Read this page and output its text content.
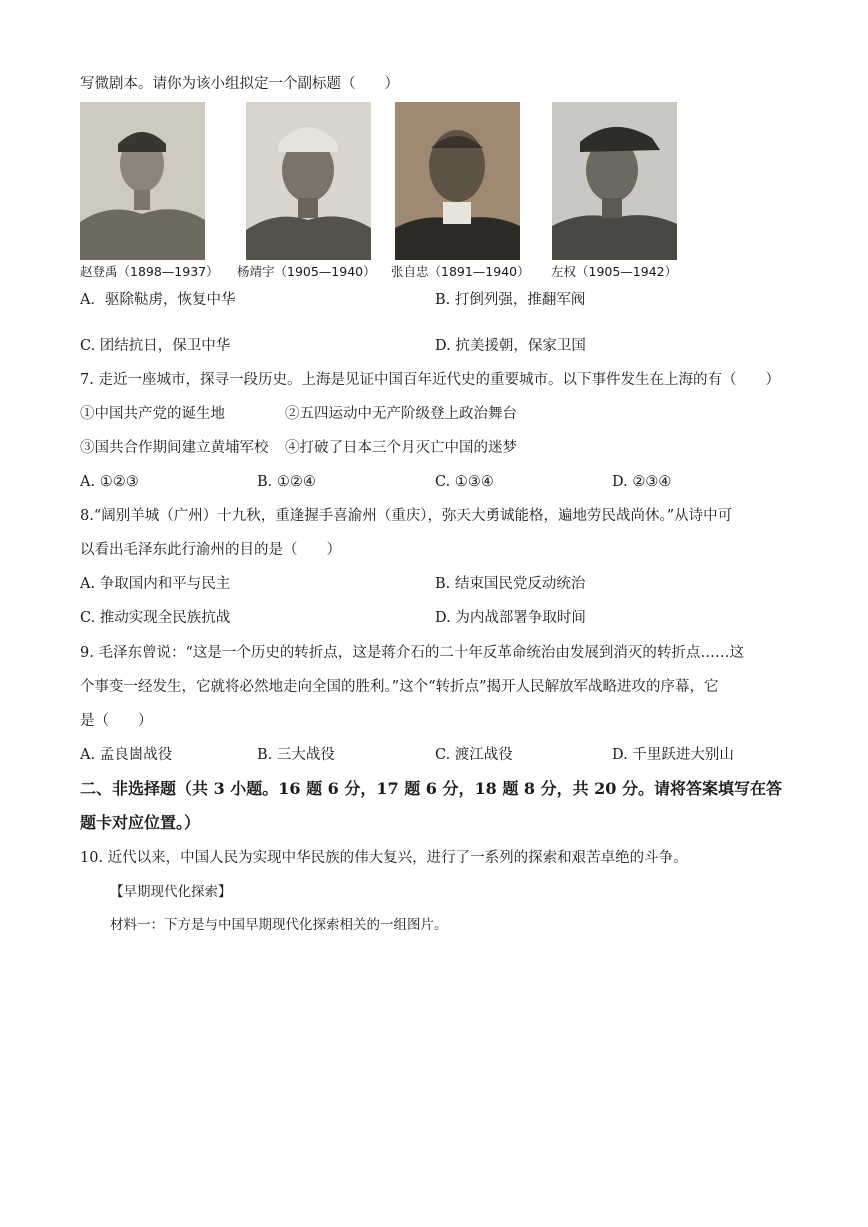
写微剧本。请你为该小组拟定一个副标题（　　）
赵登禹（1898—1937） 杨靖宇（1905—1940） 张自忠（1891—1940） 左权（1905—1942）
A．驱除鞑虏，恢复中华	B. 打倒列强，推翻军阀
C. 团结抗日，保卫中华	D. 抗美援朝，保家卫国
7. 走近一座城市，探寻一段历史。上海是见证中国百年近代史的重要城市。以下事件发生在上海的有（　　）
①中国共产党的诞生地	②五四运动中无产阶级登上政治舞台
③国共合作期间建立黄埔军校 ④打破了日本三个月灭亡中国的迷梦
A. ①②③	B. ①②④	C. ①③④	D. ②③④
8.“阔别羊城（广州）十九秋，重逢握手喜渝州（重庆），弥天大勇诚能格，遍地劳民战尚休。”从诗中可
以看出毛泽东此行渝州的目的是（　　）
A. 争取国内和平与民主	B. 结束国民党反动统治
C. 推动实现全民族抗战	D. 为内战部署争取时间
9. 毛泽东曾说：“这是一个历史的转折点，这是蒋介石的二十年反革命统治由发展到消灭的转折点……这
个事变一经发生，它就将必然地走向全国的胜利。”这个“转折点”揭开人民解放军战略进攻的序幕，它
是（　　）
A. 孟良崮战役	B. 三大战役	C. 渡江战役	D. 千里跃进大别山
二、非选择题（共 3 小题。16 题 6 分，17 题 6 分，18 题 8 分，共 20 分。请将答案填写在答
题卡对应位置。）
10. 近代以来，中国人民为实现中华民族的伟大复兴，进行了一系列的探索和艰苦卓绝的斗争。
【早期现代化探索】
材料一：下方是与中国早期现代化探索相关的一组图片。
